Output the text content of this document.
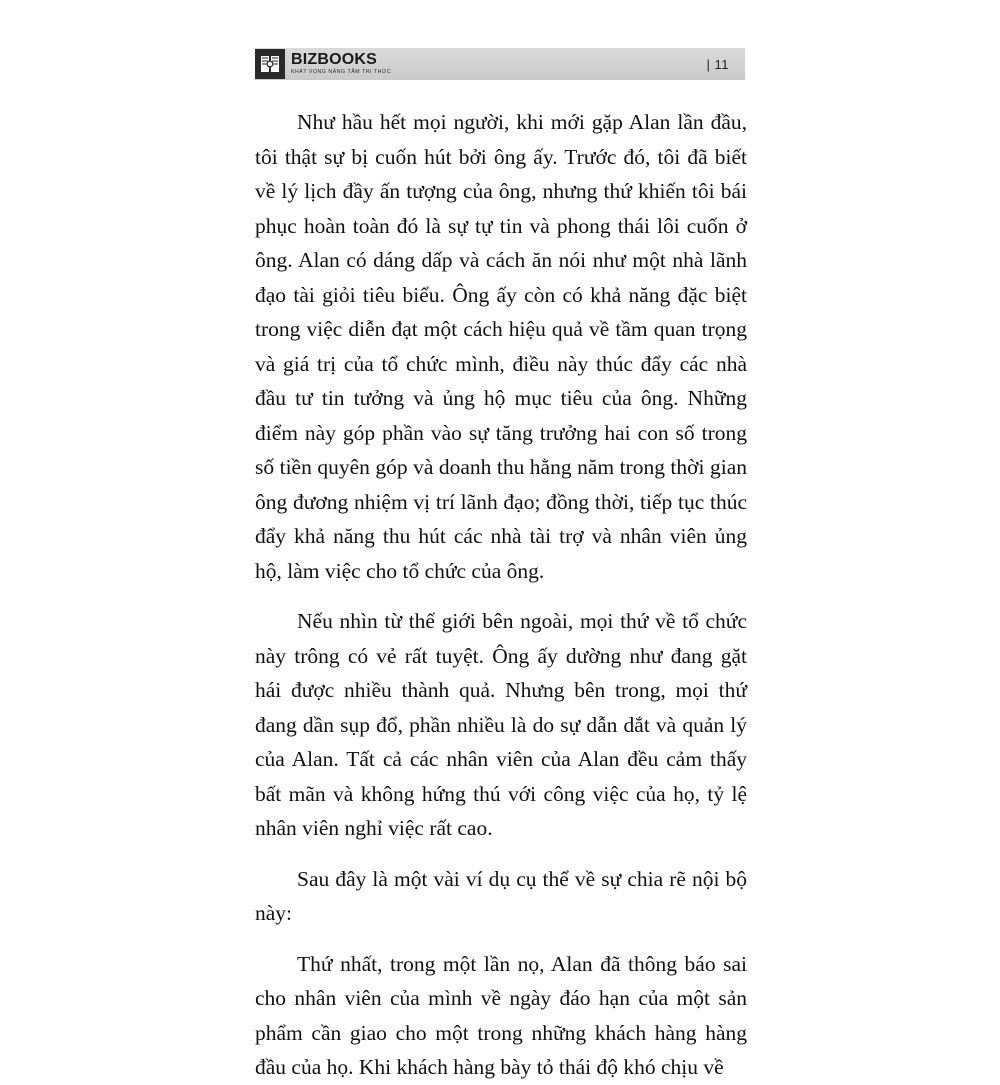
BIZBOOKS
KHÁT VỌNG NÂNG TẦM TRI THỨC
| 11

Như hầu hết mọi người, khi mới gặp Alan lần đầu, tôi thật sự bị cuốn hút bởi ông ấy. Trước đó, tôi đã biết về lý lịch đầy ấn tượng của ông, nhưng thứ khiến tôi bái phục hoàn toàn đó là sự tự tin và phong thái lôi cuốn ở ông. Alan có dáng dấp và cách ăn nói như một nhà lãnh đạo tài giỏi tiêu biểu. Ông ấy còn có khả năng đặc biệt trong việc diễn đạt một cách hiệu quả về tầm quan trọng và giá trị của tổ chức mình, điều này thúc đẩy các nhà đầu tư tin tưởng và ủng hộ mục tiêu của ông. Những điểm này góp phần vào sự tăng trưởng hai con số trong số tiền quyên góp và doanh thu hằng năm trong thời gian ông đương nhiệm vị trí lãnh đạo; đồng thời, tiếp tục thúc đẩy khả năng thu hút các nhà tài trợ và nhân viên ủng hộ, làm việc cho tổ chức của ông.

Nếu nhìn từ thế giới bên ngoài, mọi thứ về tổ chức này trông có vẻ rất tuyệt. Ông ấy dường như đang gặt hái được nhiều thành quả. Nhưng bên trong, mọi thứ đang dần sụp đổ, phần nhiều là do sự dẫn dắt và quản lý của Alan. Tất cả các nhân viên của Alan đều cảm thấy bất mãn và không hứng thú với công việc của họ, tỷ lệ nhân viên nghỉ việc rất cao.

Sau đây là một vài ví dụ cụ thể về sự chia rẽ nội bộ này:

Thứ nhất, trong một lần nọ, Alan đã thông báo sai cho nhân viên của mình về ngày đáo hạn của một sản phẩm cần giao cho một trong những khách hàng hàng đầu của họ. Khi khách hàng bày tỏ thái độ khó chịu về
